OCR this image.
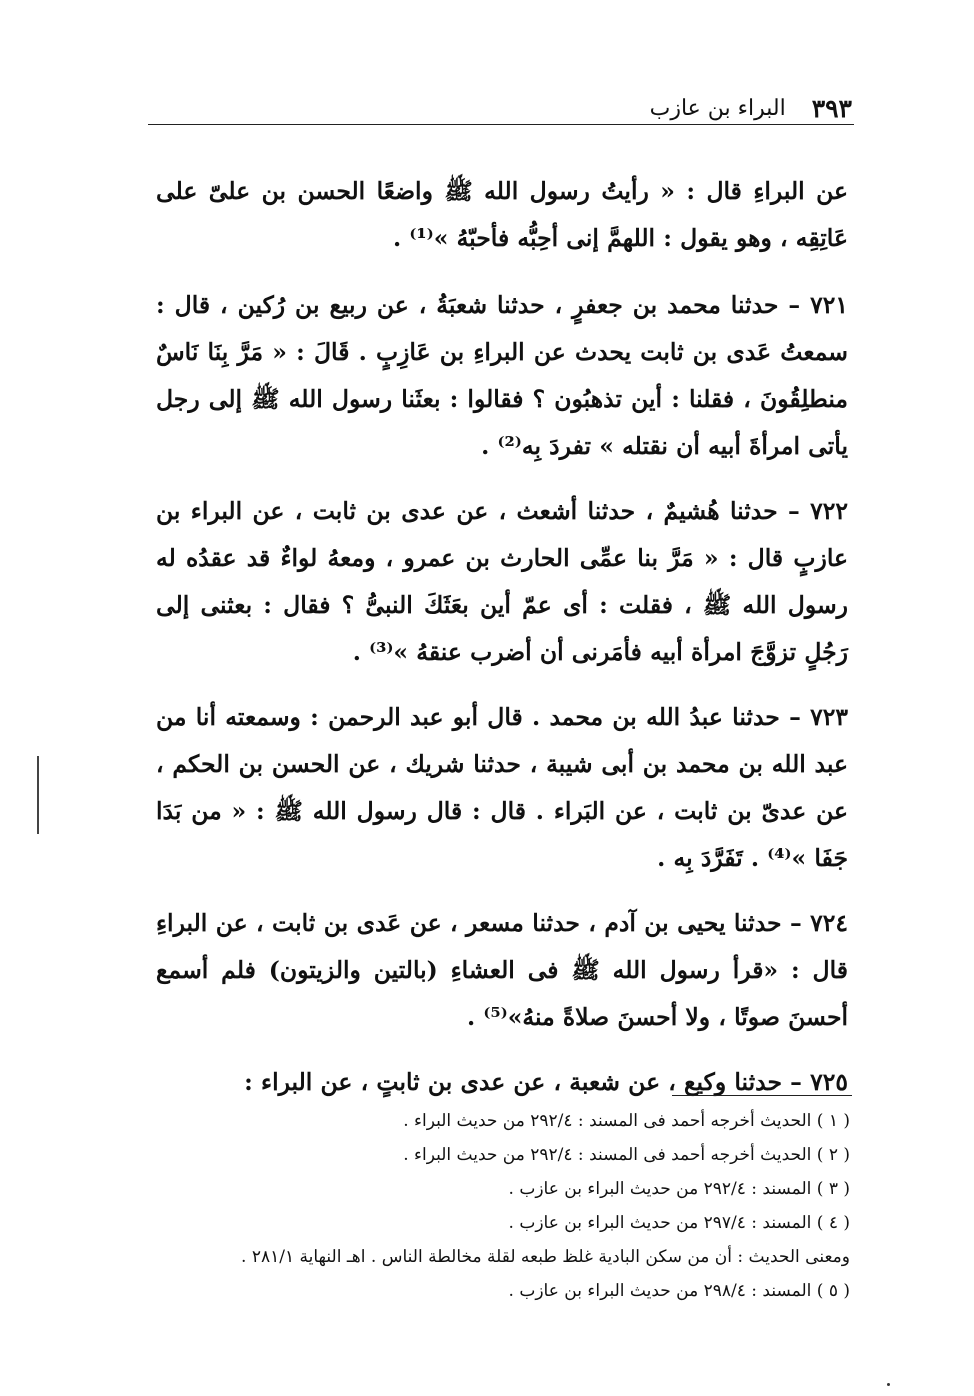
٣٩٣
البراء بن عازب

عن البراءِ قال : « رأيتُ رسول الله ﷺ واضعًا الحسن بن علىّ على عَاتِقِه ، وهو يقول : اللهمَّ إنى أحِبُّه فأحبّهُ »⁽¹⁾ .

٧٢١ – حدثنا محمد بن جعفرٍ ، حدثنا شعبَةُ ، عن ربيع بن رُكين ، قال : سمعتُ عَدى بن ثابت يحدث عن البراءِ بن عَازِبٍ . قَالَ : « مَرَّ بِنَا نَاسٌ منطلِقُونَ ، فقلنا : أين تذهبُون ؟ فقالوا : بعثَنا رسول الله ﷺ إلى رجل يأتى امرأةَ أبيه أن نقتله » تفردَ بِه⁽²⁾ .

٧٢٢ – حدثنا هُشيمٌ ، حدثنا أشعث ، عن عدى بن ثابت ، عن البراء بن عازبٍ قال : « مَرَّ بنا عمِّى الحارث بن عمرو ، ومعهُ لواءٌ قد عقدُه له رسول الله ﷺ ، فقلت : أى عمّ أين بعَثَكَ النبىُّ ؟ فقال : بعثنى إلى رَجُلٍ تزوَّجَ امرأة أبيه فأمَرنى أن أضرب عنقهُ »⁽³⁾ .

٧٢٣ – حدثنا عبدُ الله بن محمد . قال أبو عبد الرحمن : وسمعته أنا من عبد الله بن محمد بن أبى شيبة ، حدثنا شريك ، عن الحسن بن الحكم ، عن عدىّ بن ثابت ، عن البَراء . قال : قال رسول الله ﷺ : « من بَدَا جَفَا »⁽⁴⁾ . تَفَرَّدَ بِه .

٧٢٤ – حدثنا يحيى بن آدم ، حدثنا مسعر ، عن عَدى بن ثابت ، عن البراءِ قال : «قرأ رسول الله ﷺ فى العشاءِ (بالتين والزيتون) فلم أسمع أحسنَ صوتًا ، ولا أحسنَ صلاةً منهُ»⁽⁵⁾ .

٧٢٥ – حدثنا وكيع ، عن شعبة ، عن عدى بن ثابتٍ ، عن البراء :

( ١ ) الحديث أخرجه أحمد فى المسند : ٢٩٢/٤ من حديث البراء .
( ٢ ) الحديث أخرجه أحمد فى المسند : ٢٩٢/٤ من حديث البراء .
( ٣ ) المسند : ٢٩٢/٤ من حديث البراء بن عازب .
( ٤ ) المسند : ٢٩٧/٤ من حديث البراء بن عازب .
ومعنى الحديث : أن من سكن البادية غلظ طبعه لقلة مخالطة الناس . اهـ النهاية ٢٨١/١ .
( ٥ ) المسند : ٢٩٨/٤ من حديث البراء بن عازب .
